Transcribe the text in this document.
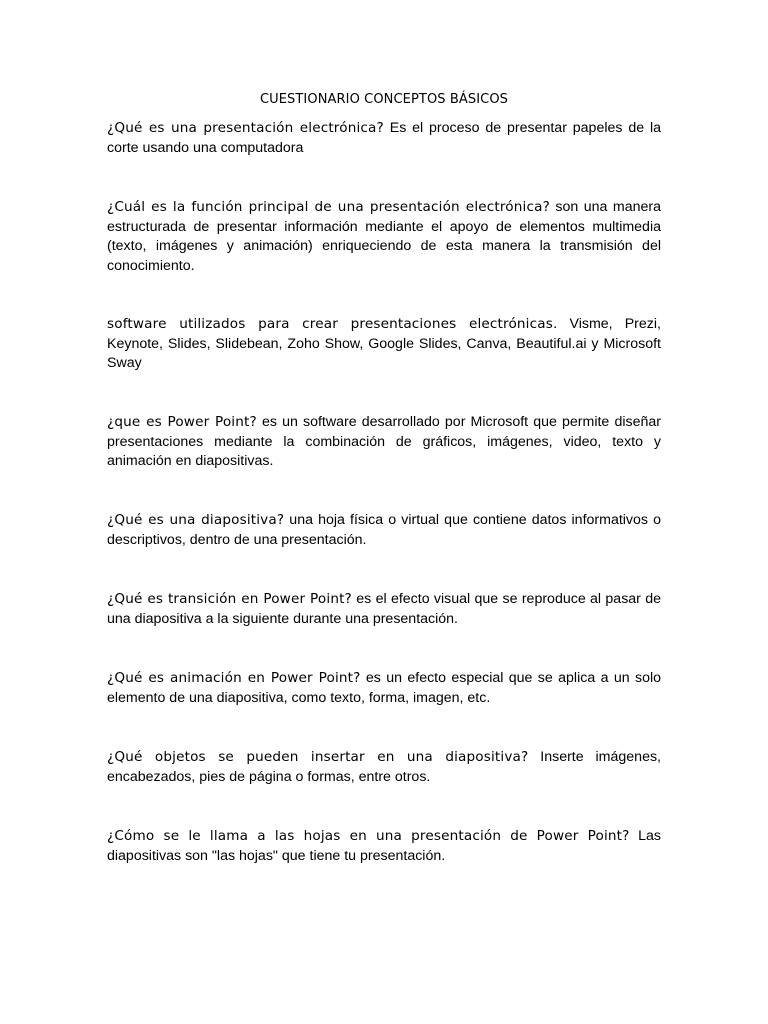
CUESTIONARIO CONCEPTOS BÁSICOS

¿Qué es una presentación electrónica? Es el proceso de presentar papeles de la corte usando una computadora

¿Cuál es la función principal de una presentación electrónica? son una manera estructurada de presentar información mediante el apoyo de elementos multimedia (texto, imágenes y animación) enriqueciendo de esta manera la transmisión del conocimiento.

software utilizados para crear presentaciones electrónicas. Visme, Prezi, Keynote, Slides, Slidebean, Zoho Show, Google Slides, Canva, Beautiful.ai y Microsoft Sway

¿que es Power Point? es un software desarrollado por Microsoft que permite diseñar presentaciones mediante la combinación de gráficos, imágenes, video, texto y animación en diapositivas.

¿Qué es una diapositiva? una hoja física o virtual que contiene datos informativos o descriptivos, dentro de una presentación.

¿Qué es transición en Power Point? es el efecto visual que se reproduce al pasar de una diapositiva a la siguiente durante una presentación.

¿Qué es animación en Power Point? es un efecto especial que se aplica a un solo elemento de una diapositiva, como texto, forma, imagen, etc.

¿Qué objetos se pueden insertar en una diapositiva? Inserte imágenes, encabezados, pies de página o formas, entre otros.

¿Cómo se le llama a las hojas en una presentación de Power Point? Las diapositivas son "las hojas" que tiene tu presentación.
